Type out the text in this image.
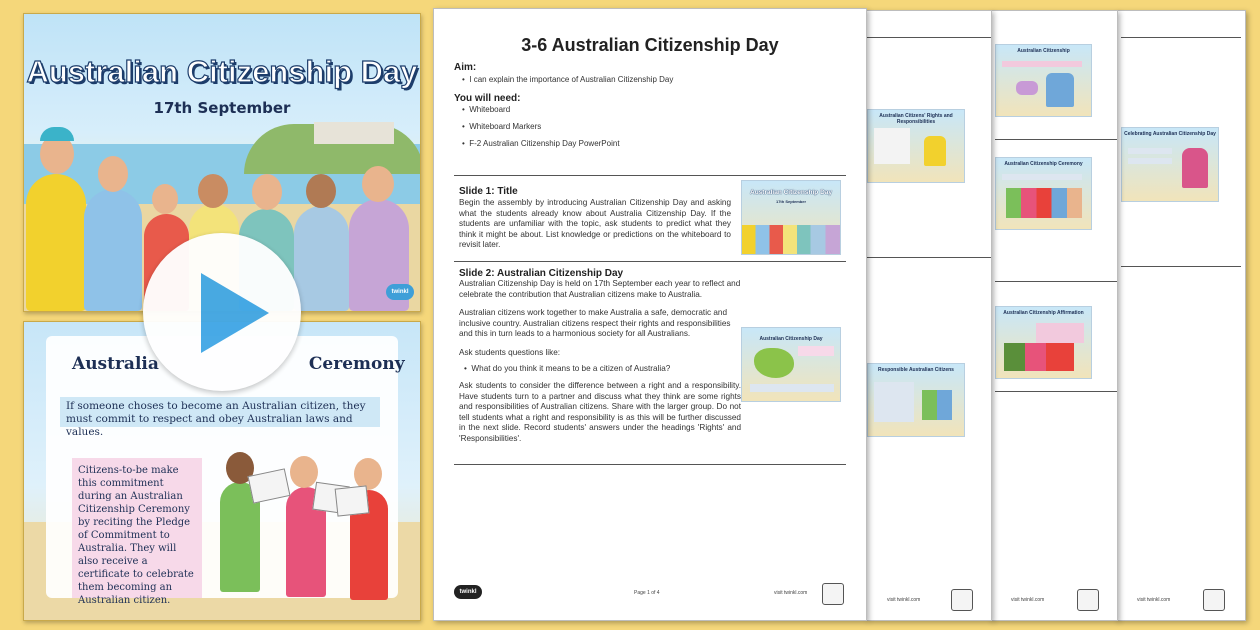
Australian Citizenship Day
17th September
twinkl
Australia	Ceremony
If someone choses to become an Australian citizen, they must commit to respect and obey Australian laws and values.
Citizens-to-be make this commitment during an Australian Citizenship Ceremony by reciting the Pledge of Commitment to Australia. They will also receive a certificate to celebrate them becoming an Australian citizen.
Celebrating Australian Citizenship Day
visit twinkl.com
Australian Citizenship
Australian Citizenship Ceremony
Australian Citizenship Affirmation
visit twinkl.com
Australian Citizens' Rights and Responsibilities
Responsible Australian Citizens
visit twinkl.com
3-6 Australian Citizenship Day
Aim:
•  I can explain the importance of Australian Citizenship Day
You will need:
•  Whiteboard
•  Whiteboard Markers
•  F-2 Australian Citizenship Day PowerPoint
Slide 1: Title
Begin the assembly by introducing Australian Citizenship Day and asking what the students already know about Australia Citizenship Day. If the students are unfamiliar with the topic, ask students to predict what they think it might be about. List knowledge or predictions on the whiteboard to revisit later.
Australian Citizenship Day
17th September
Slide 2: Australian Citizenship Day
Australian Citizenship Day is held on 17th September each year to reflect and celebrate the contribution that Australian citizens make to Australia.
Australian citizens work together to make Australia a safe, democratic and inclusive country. Australian citizens respect their rights and responsibilities and this in turn leads to a harmonious society for all Australians.
Ask students questions like:
•  What do you think it means to be a citizen of Australia?
Ask students to consider the difference between a right and a responsibility. Have students turn to a partner and discuss what they think are some rights and responsibilities of Australian citizens. Share with the larger group. Do not tell students what a right and responsibility is as this will be further discussed in the next slide. Record students' answers under the headings 'Rights' and 'Responsibilities'.
Australian Citizenship Day
twinkl	Page 1 of 4	visit twinkl.com
